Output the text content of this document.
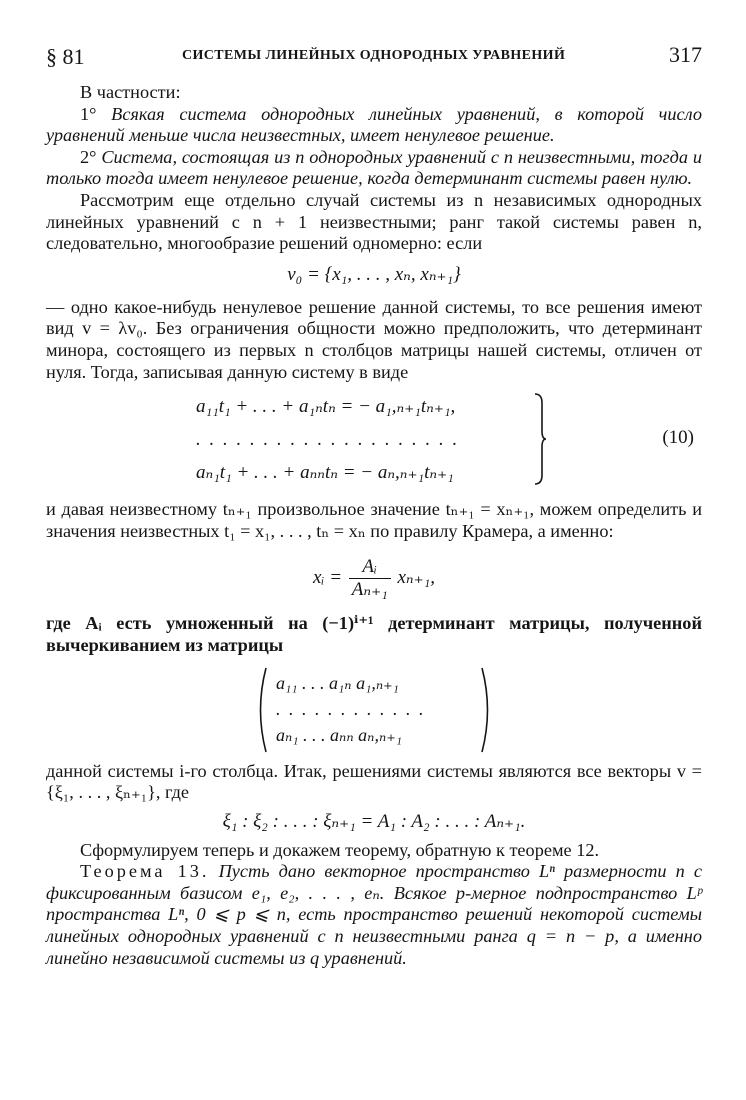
§ 81	СИСТЕМЫ ЛИНЕЙНЫХ ОДНОРОДНЫХ УРАВНЕНИЙ	317

В частности:

1° Всякая система однородных линейных уравнений, в которой число уравнений меньше числа неизвестных, имеет ненулевое решение.

2° Система, состоящая из n однородных уравнений с n неизвестными, тогда и только тогда имеет ненулевое решение, когда детерминант системы равен нулю.

Рассмотрим еще отдельно случай системы из n независимых однородных линейных уравнений с n + 1 неизвестными; ранг такой системы равен n, следовательно, многообразие решений одномерно: если

v₀ = {x₁, . . . , xₙ, xₙ₊₁}

— одно какое-нибудь ненулевое решение данной системы, то все решения имеют вид v = λv₀. Без ограничения общности можно предположить, что детерминант минора, состоящего из первых n столбцов матрицы нашей системы, отличен от нуля. Тогда, записывая данную систему в виде

a₁₁t₁ + . . . + a₁ₙtₙ = − a₁,ₙ₊₁tₙ₊₁,
. . . . . . . . . . . . . . . . . . . .
aₙ₁t₁ + . . . + aₙₙtₙ = − aₙ,ₙ₊₁tₙ₊₁
(10)

и давая неизвестному tₙ₊₁ произвольное значение tₙ₊₁ = xₙ₊₁, можем определить и значения неизвестных t₁ = x₁, . . . , tₙ = xₙ по правилу Крамера, а именно:

xᵢ = $\frac{\text{Aᵢ}}{\text{Aₙ₊₁}} x_{n+1}$,

где Aᵢ есть умноженный на (−1)ⁱ⁺¹ детерминант матрицы, полученной вычеркиванием из матрицы

a₁₁ . . . a₁ₙ a₁,ₙ₊₁
. . . . . . . . . . . .
aₙ₁ . . . aₙₙ aₙ,ₙ₊₁

данной системы i-го столбца. Итак, решениями системы являются все векторы v = {ξ₁, . . . , ξₙ₊₁}, где

ξ₁ : ξ₂ : . . . : ξₙ₊₁ = A₁ : A₂ : . . . : Aₙ₊₁.

Сформулируем теперь и докажем теорему, обратную к теореме 12.

Теорема 13. Пусть дано векторное пространство Lⁿ размерности n с фиксированным базисом e₁, e₂, . . . , eₙ. Всякое p-мерное подпространство Lᵖ пространства Lⁿ, 0 ⩽ p ⩽ n, есть пространство решений некоторой системы линейных однородных уравнений с n неизвестными ранга q = n − p, а именно линейно независимой системы из q уравнений.
